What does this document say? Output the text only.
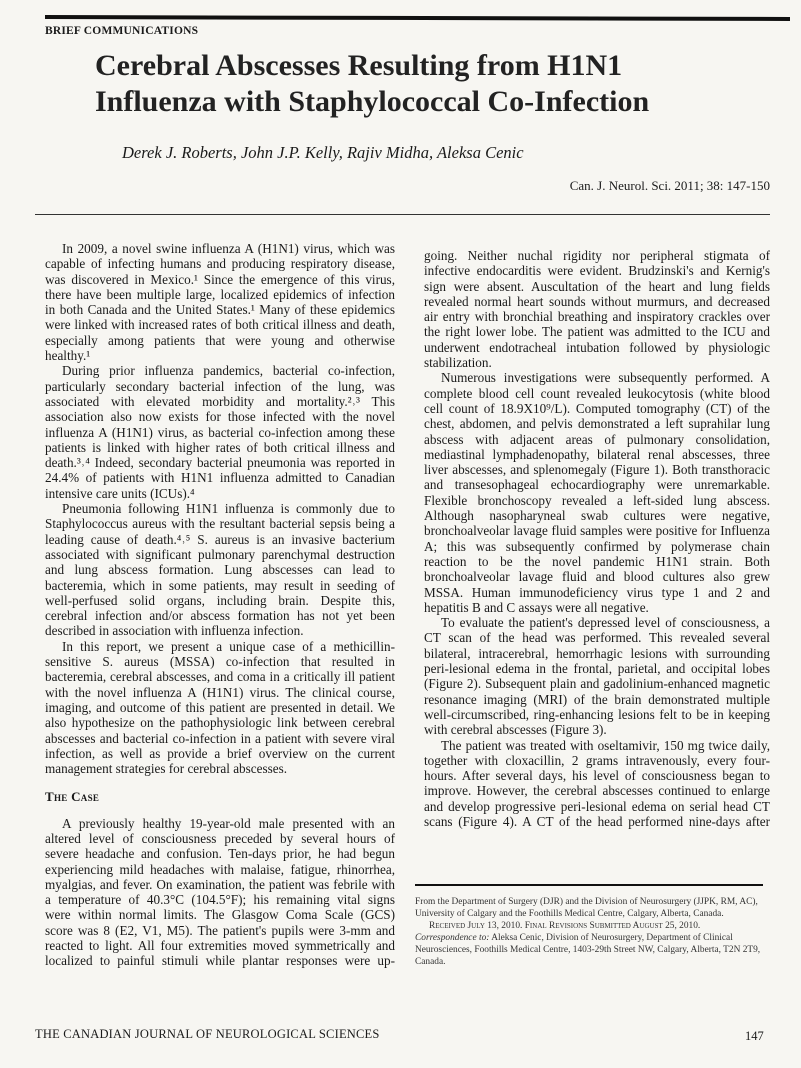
BRIEF COMMUNICATIONS
Cerebral Abscesses Resulting from H1N1
Influenza with Staphylococcal Co-Infection
Derek J. Roberts, John J.P. Kelly, Rajiv Midha, Aleksa Cenic
Can. J. Neurol. Sci. 2011; 38: 147-150
In 2009, a novel swine influenza A (H1N1) virus, which was
capable of infecting humans and producing respiratory disease,
was discovered in Mexico.¹ Since the emergence of this virus,
there have been multiple large, localized epidemics of infection
in both Canada and the United States.¹ Many of these epidemics
were linked with increased rates of both critical illness and death,
especially among patients that were young and otherwise
healthy.¹
During prior influenza pandemics, bacterial co-infection,
particularly secondary bacterial infection of the lung, was
associated with elevated morbidity and mortality.²˒³ This
association also now exists for those infected with the novel
influenza A (H1N1) virus, as bacterial co-infection among these
patients is linked with higher rates of both critical illness and
death.³˒⁴ Indeed, secondary bacterial pneumonia was reported in
24.4% of patients with H1N1 influenza admitted to Canadian
intensive care units (ICUs).⁴
Pneumonia following H1N1 influenza is commonly due to
Staphylococcus aureus with the resultant bacterial sepsis being a
leading cause of death.⁴˒⁵ S. aureus is an invasive bacterium
associated with significant pulmonary parenchymal destruction
and lung abscess formation. Lung abscesses can lead to
bacteremia, which in some patients, may result in seeding of
well-perfused solid organs, including brain. Despite this,
cerebral infection and/or abscess formation has not yet been
described in association with influenza infection.
In this report, we present a unique case of a methicillin-
sensitive S. aureus (MSSA) co-infection that resulted in
bacteremia, cerebral abscesses, and coma in a critically ill patient
with the novel influenza A (H1N1) virus. The clinical course,
imaging, and outcome of this patient are presented in detail. We
also hypothesize on the pathophysiologic link between cerebral
abscesses and bacterial co-infection in a patient with severe viral
infection, as well as provide a brief overview on the current
management strategies for cerebral abscesses.
The Case
A previously healthy 19-year-old male presented with an
altered level of consciousness preceded by several hours of
severe headache and confusion. Ten-days prior, he had begun
experiencing mild headaches with malaise, fatigue, rhinorrhea,
myalgias, and fever. On examination, the patient was febrile with
a temperature of 40.3°C (104.5°F); his remaining vital signs
were within normal limits. The Glasgow Coma Scale (GCS)
score was 8 (E2, V1, M5). The patient's pupils were 3-mm and
reacted to light. All four extremities moved symmetrically and
localized to painful stimuli while plantar responses were up-
going. Neither nuchal rigidity nor peripheral stigmata of
infective endocarditis were evident. Brudzinski's and Kernig's
sign were absent. Auscultation of the heart and lung fields
revealed normal heart sounds without murmurs, and decreased
air entry with bronchial breathing and inspiratory crackles over
the right lower lobe. The patient was admitted to the ICU and
underwent endotracheal intubation followed by physiologic
stabilization.
Numerous investigations were subsequently performed. A
complete blood cell count revealed leukocytosis (white blood
cell count of 18.9X10⁹/L). Computed tomography (CT) of the
chest, abdomen, and pelvis demonstrated a left suprahilar lung
abscess with adjacent areas of pulmonary consolidation,
mediastinal lymphadenopathy, bilateral renal abscesses, three
liver abscesses, and splenomegaly (Figure 1). Both transthoracic
and transesophageal echocardiography were unremarkable.
Flexible bronchoscopy revealed a left-sided lung abscess.
Although nasopharyneal swab cultures were negative,
bronchoalveolar lavage fluid samples were positive for Influenza
A; this was subsequently confirmed by polymerase chain
reaction to be the novel pandemic H1N1 strain. Both
bronchoalveolar lavage fluid and blood cultures also grew
MSSA. Human immunodeficiency virus type 1 and 2 and
hepatitis B and C assays were all negative.
To evaluate the patient's depressed level of consciousness, a
CT scan of the head was performed. This revealed several
bilateral, intracerebral, hemorrhagic lesions with surrounding
peri-lesional edema in the frontal, parietal, and occipital lobes
(Figure 2). Subsequent plain and gadolinium-enhanced magnetic
resonance imaging (MRI) of the brain demonstrated multiple
well-circumscribed, ring-enhancing lesions felt to be in keeping
with cerebral abscesses (Figure 3).
The patient was treated with oseltamivir, 150 mg twice daily,
together with cloxacillin, 2 grams intravenously, every four-
hours. After several days, his level of consciousness began to
improve. However, the cerebral abscesses continued to enlarge
and develop progressive peri-lesional edema on serial head CT
scans (Figure 4). A CT of the head performed nine-days after
From the Department of Surgery (DJR) and the Division of Neurosurgery (JJPK, RM, AC), University of Calgary and the Foothills Medical Centre, Calgary, Alberta, Canada.
Received July 13, 2010. Final Revisions Submitted August 25, 2010.
Correspondence to: Aleksa Cenic, Division of Neurosurgery, Department of Clinical Neurosciences, Foothills Medical Centre, 1403-29th Street NW, Calgary, Alberta, T2N 2T9, Canada.
THE CANADIAN JOURNAL OF NEUROLOGICAL SCIENCES	147
